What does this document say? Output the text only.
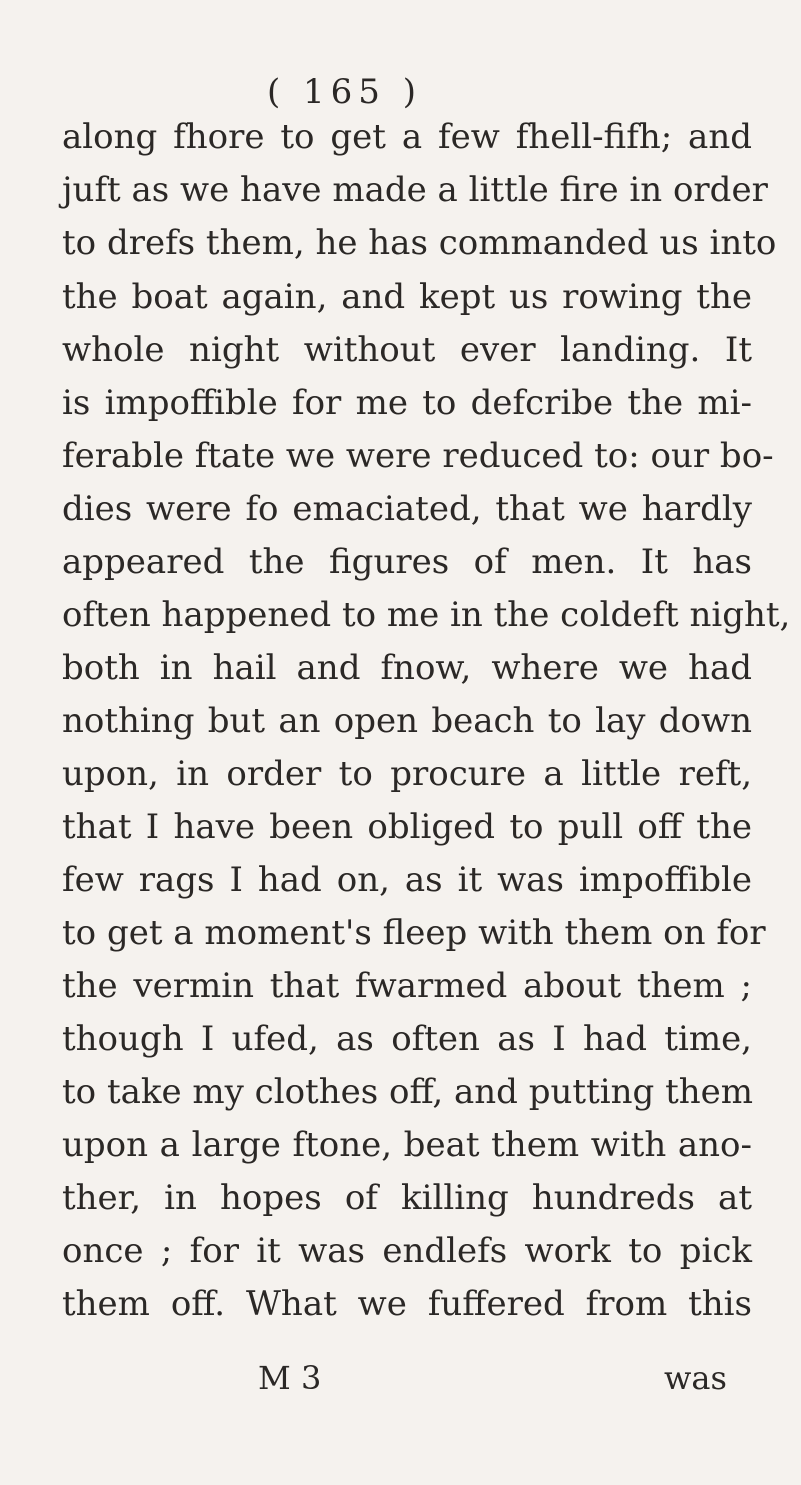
( 165 )
along fhore to get a few fhell-fifh; and
juft as we have made a little fire in order
to drefs them, he has commanded us into
the boat again, and kept us rowing the
whole night without ever landing. It
is impoffible for me to defcribe the mi-
ferable ftate we were reduced to: our bo-
dies were fo emaciated, that we hardly
appeared the figures of men. It has
often happened to me in the coldeft night,
both in hail and fnow, where we had
nothing but an open beach to lay down
upon, in order to procure a little reft,
that I have been obliged to pull off the
few rags I had on, as it was impoffible
to get a moment's fleep with them on for
the vermin that fwarmed about them ;
though I ufed, as often as I had time,
to take my clothes off, and putting them
upon a large ftone, beat them with ano-
ther, in hopes of killing hundreds at
once ; for it was endlefs work to pick
them off. What we fuffered from this
M 3	was
